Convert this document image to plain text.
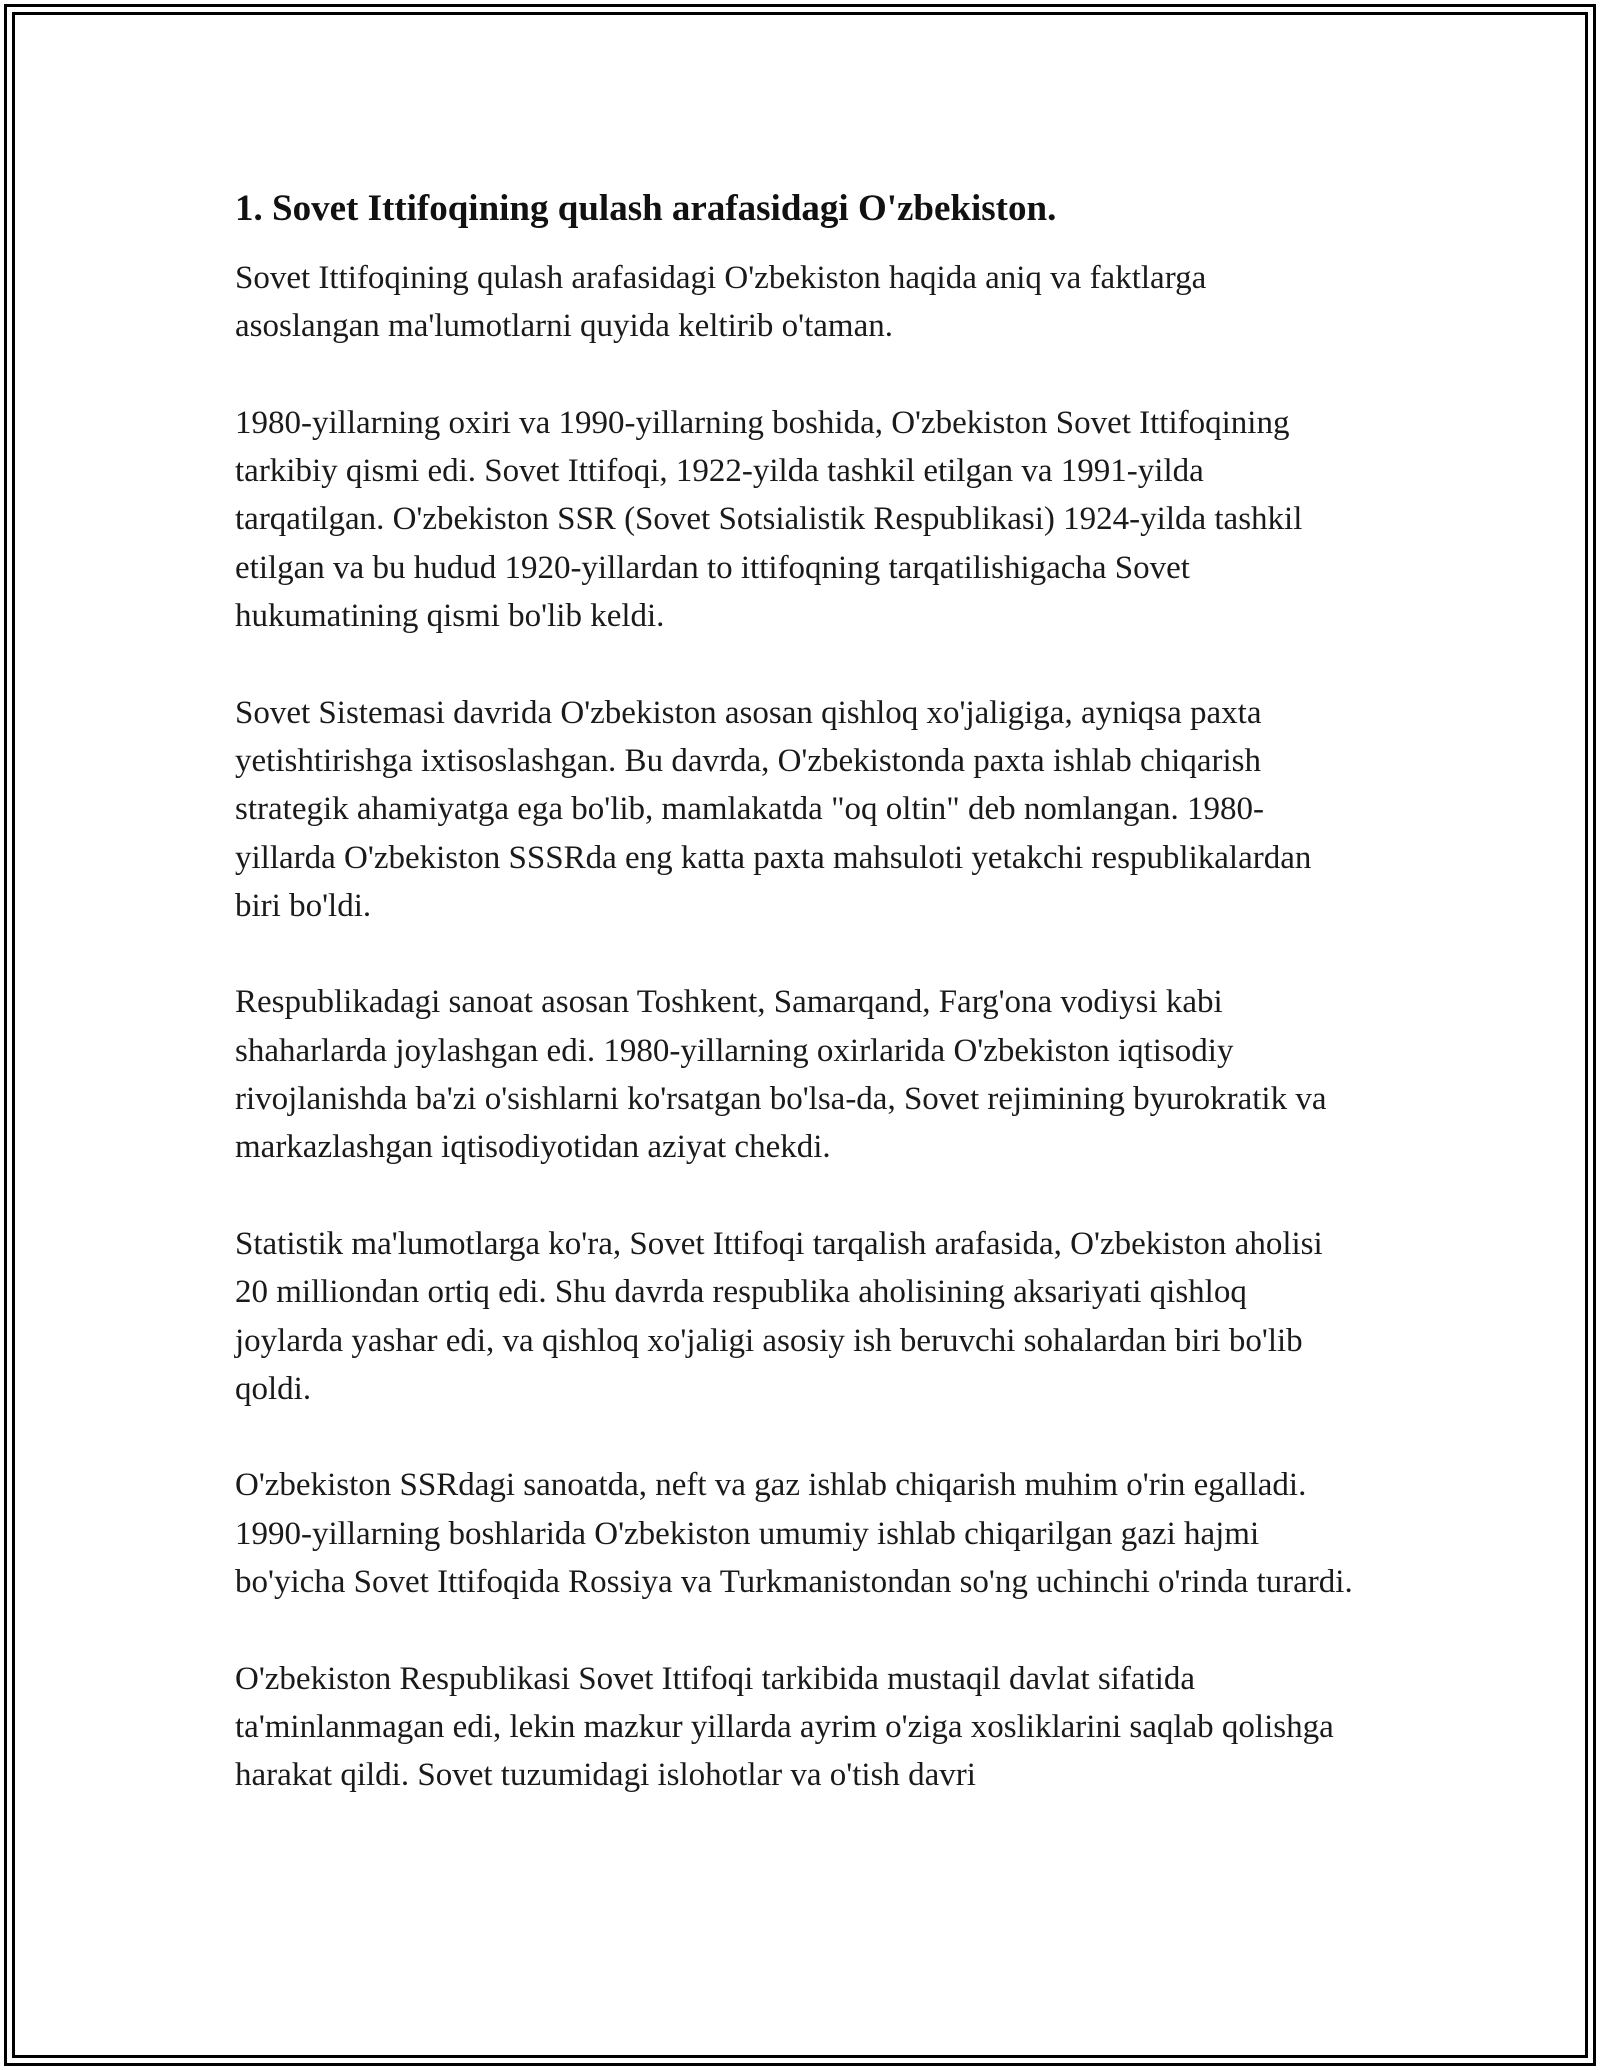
1. Sovet Ittifoqining qulash arafasidagi O'zbekiston.

Sovet Ittifoqining qulash arafasidagi O'zbekiston haqida aniq va faktlarga asoslangan ma'lumotlarni quyida keltirib o'taman.

1980-yillarning oxiri va 1990-yillarning boshida, O'zbekiston Sovet Ittifoqining tarkibiy qismi edi. Sovet Ittifoqi, 1922-yilda tashkil etilgan va 1991-yilda tarqatilgan. O'zbekiston SSR (Sovet Sotsialistik Respublikasi) 1924-yilda tashkil etilgan va bu hudud 1920-yillardan to ittifoqning tarqatilishigacha Sovet hukumatining qismi bo'lib keldi.

Sovet Sistemasi davrida O'zbekiston asosan qishloq xo'jaligiga, ayniqsa paxta yetishtirishga ixtisoslashgan. Bu davrda, O'zbekistonda paxta ishlab chiqarish strategik ahamiyatga ega bo'lib, mamlakatda "oq oltin" deb nomlangan. 1980-yillarda O'zbekiston SSSRda eng katta paxta mahsuloti yetakchi respublikalardan biri bo'ldi.

Respublikadagi sanoat asosan Toshkent, Samarqand, Farg'ona vodiysi kabi shaharlarda joylashgan edi. 1980-yillarning oxirlarida O'zbekiston iqtisodiy rivojlanishda ba'zi o'sishlarni ko'rsatgan bo'lsa-da, Sovet rejimining byurokratik va markazlashgan iqtisodiyotidan aziyat chekdi.

Statistik ma'lumotlarga ko'ra, Sovet Ittifoqi tarqalish arafasida, O'zbekiston aholisi 20 milliondan ortiq edi. Shu davrda respublika aholisining aksariyati qishloq joylarda yashar edi, va qishloq xo'jaligi asosiy ish beruvchi sohalardan biri bo'lib qoldi.

O'zbekiston SSRdagi sanoatda, neft va gaz ishlab chiqarish muhim o'rin egalladi. 1990-yillarning boshlarida O'zbekiston umumiy ishlab chiqarilgan gazi hajmi bo'yicha Sovet Ittifoqida Rossiya va Turkmanistondan so'ng uchinchi o'rinda turardi.

O'zbekiston Respublikasi Sovet Ittifoqi tarkibida mustaqil davlat sifatida ta'minlanmagan edi, lekin mazkur yillarda ayrim o'ziga xosliklarini saqlab qolishga harakat qildi. Sovet tuzumidagi islohotlar va o'tish davri
